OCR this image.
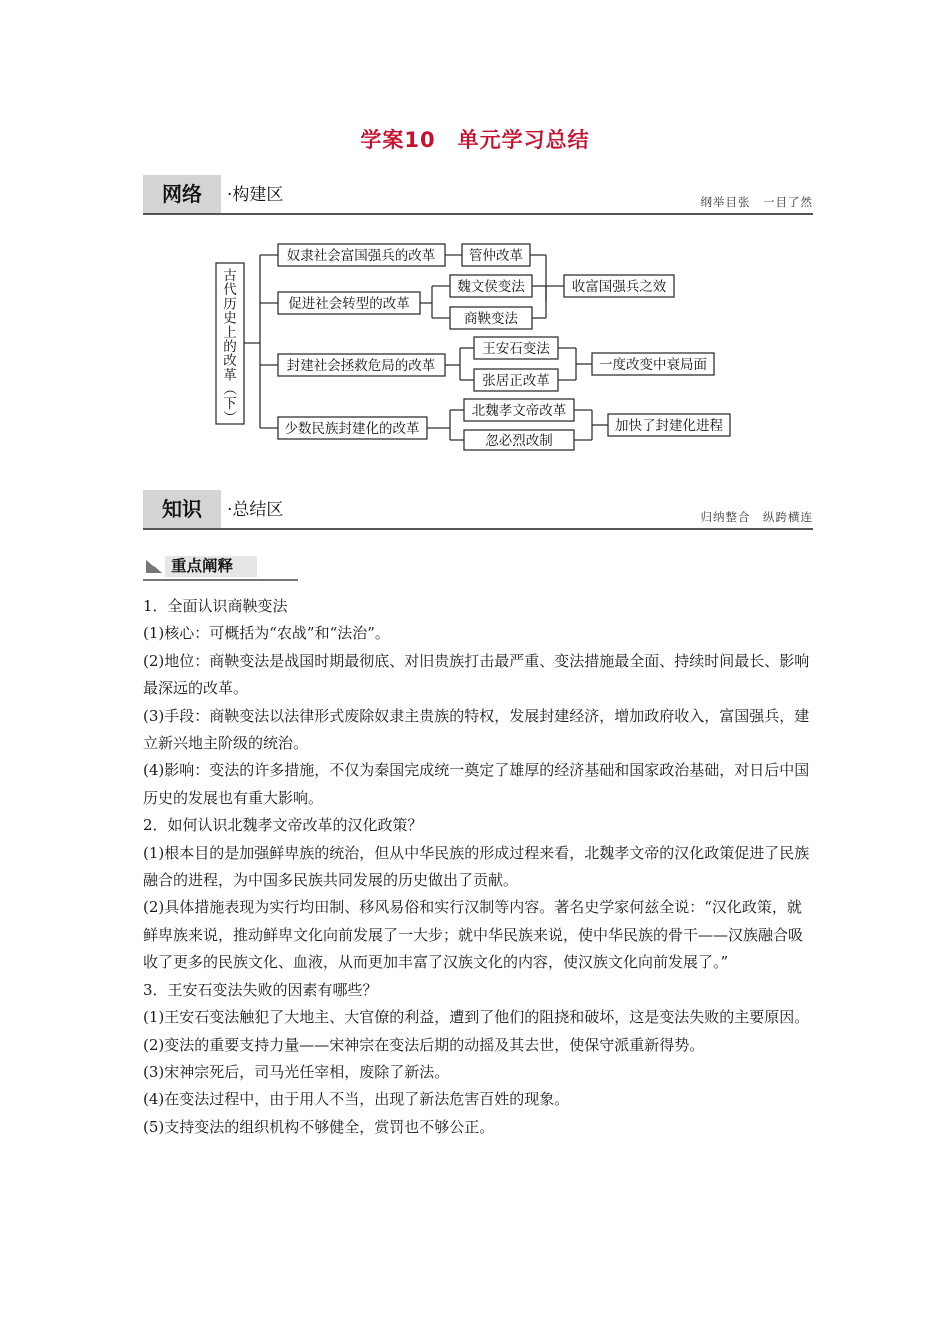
学案10　单元学习总结
网络	·构建区	纲举目张　一目了然
古
代
历
史
上
的
改
革
（
下
）
奴隶社会富国强兵的改革
促进社会转型的改革
封建社会拯救危局的改革
少数民族封建化的改革
管仲改革
魏文侯变法
商鞅变法
王安石变法
张居正改革
北魏孝文帝改革
忽必烈改制
收富国强兵之效
一度改变中衰局面
加快了封建化进程
知识	·总结区	归纳整合　纵跨横连
重点阐释

1．全面认识商鞅变法

(1)核心：可概括为“农战”和“法治”。

(2)地位：商鞅变法是战国时期最彻底、对旧贵族打击最严重、变法措施最全面、持续时间最长、影响最深远的改革。

(3)手段：商鞅变法以法律形式废除奴隶主贵族的特权，发展封建经济，增加政府收入，富国强兵，建立新兴地主阶级的统治。

(4)影响：变法的许多措施，不仅为秦国完成统一奠定了雄厚的经济基础和国家政治基础，对日后中国历史的发展也有重大影响。

2．如何认识北魏孝文帝改革的汉化政策？

(1)根本目的是加强鲜卑族的统治，但从中华民族的形成过程来看，北魏孝文帝的汉化政策促进了民族融合的进程，为中国多民族共同发展的历史做出了贡献。

(2)具体措施表现为实行均田制、移风易俗和实行汉制等内容。著名史学家何兹全说：“汉化政策，就鲜卑族来说，推动鲜卑文化向前发展了一大步；就中华民族来说，使中华民族的骨干——汉族融合吸收了更多的民族文化、血液，从而更加丰富了汉族文化的内容，使汉族文化向前发展了。”

3．王安石变法失败的因素有哪些？

(1)王安石变法触犯了大地主、大官僚的利益，遭到了他们的阻挠和破坏，这是变法失败的主要原因。

(2)变法的重要支持力量——宋神宗在变法后期的动摇及其去世，使保守派重新得势。

(3)宋神宗死后，司马光任宰相，废除了新法。

(4)在变法过程中，由于用人不当，出现了新法危害百姓的现象。

(5)支持变法的组织机构不够健全，赏罚也不够公正。
